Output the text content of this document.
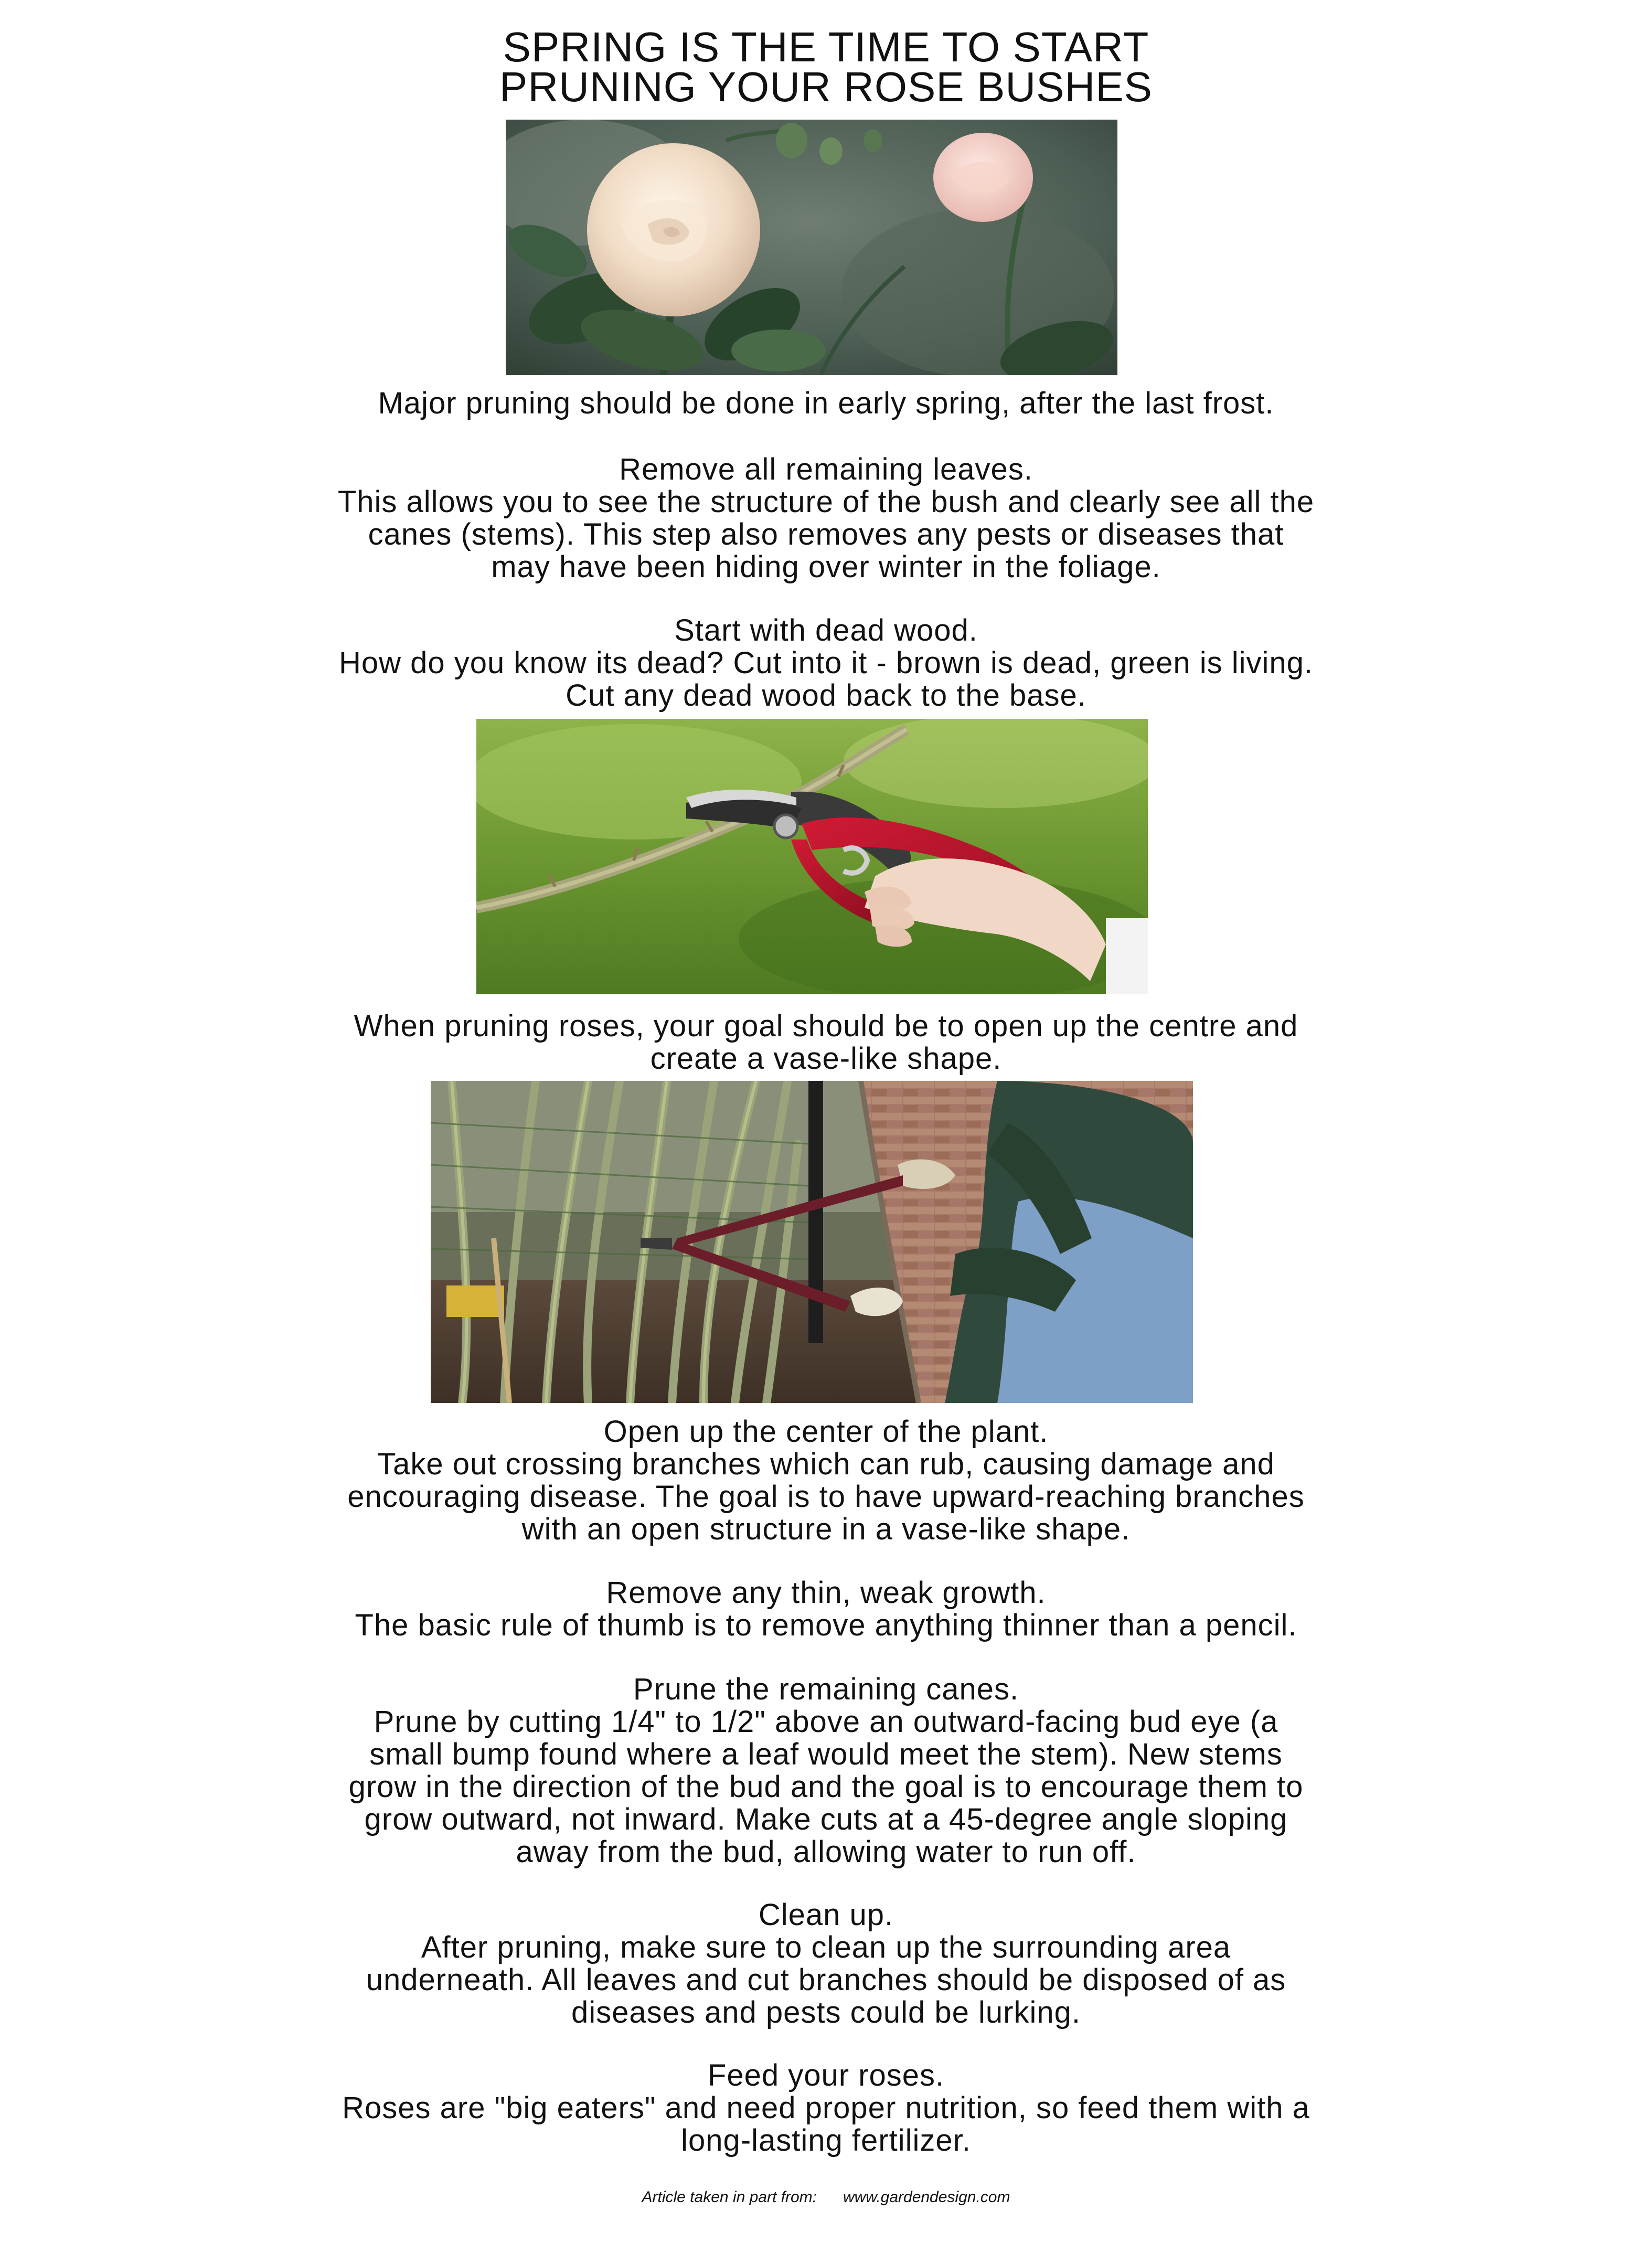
SPRING IS THE TIME TO START
PRUNING YOUR ROSE BUSHES
Major pruning should be done in early spring, after the last frost.
Remove all remaining leaves.
This allows you to see the structure of the bush and clearly see all the
canes (stems). This step also removes any pests or diseases that
may have been hiding over winter in the foliage.
Start with dead wood.
How do you know its dead? Cut into it - brown is dead, green is living.
Cut any dead wood back to the base.
When pruning roses, your goal should be to open up the centre and
create a vase-like shape.
Open up the center of the plant.
Take out crossing branches which can rub, causing damage and
encouraging disease. The goal is to have upward-reaching branches
with an open structure in a vase-like shape.
Remove any thin, weak growth.
The basic rule of thumb is to remove anything thinner than a pencil.
Prune the remaining canes.
Prune by cutting 1/4" to 1/2" above an outward-facing bud eye (a
small bump found where a leaf would meet the stem). New stems
grow in the direction of the bud and the goal is to encourage them to
grow outward, not inward. Make cuts at a 45-degree angle sloping
away from the bud, allowing water to run off.
Clean up.
After pruning, make sure to clean up the surrounding area
underneath. All leaves and cut branches should be disposed of as
diseases and pests could be lurking.
Feed your roses.
Roses are "big eaters" and need proper nutrition, so feed them with a
long-lasting fertilizer.
Article taken in part from: www.gardendesign.com
